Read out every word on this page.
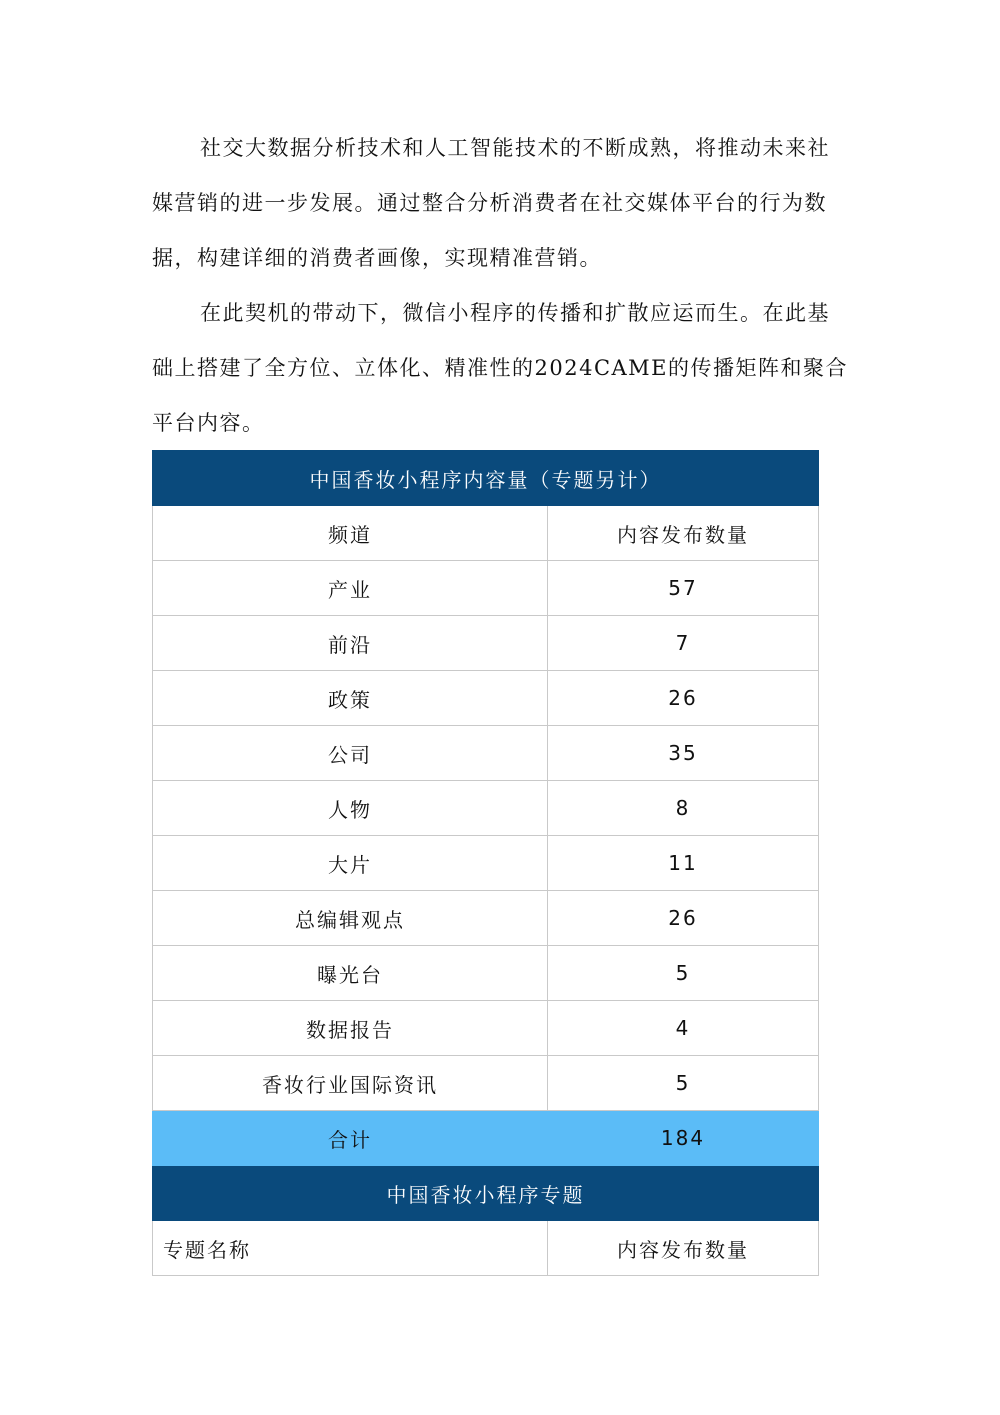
社交大数据分析技术和人工智能技术的不断成熟，将推动未来社媒营销的进一步发展。通过整合分析消费者在社交媒体平台的行为数据，构建详细的消费者画像，实现精准营销。

在此契机的带动下，微信小程序的传播和扩散应运而生。在此基础上搭建了全方位、立体化、精准性的2024CAME的传播矩阵和聚合平台内容。

中国香妆小程序内容量（专题另计）	
频道	内容发布数量
产业	57
前沿	7
政策	26
公司	35
人物	8
大片	11
总编辑观点	26
曝光台	5
数据报告	4
香妆行业国际资讯	5
合计	184
中国香妆小程序专题	
专题名称	内容发布数量
